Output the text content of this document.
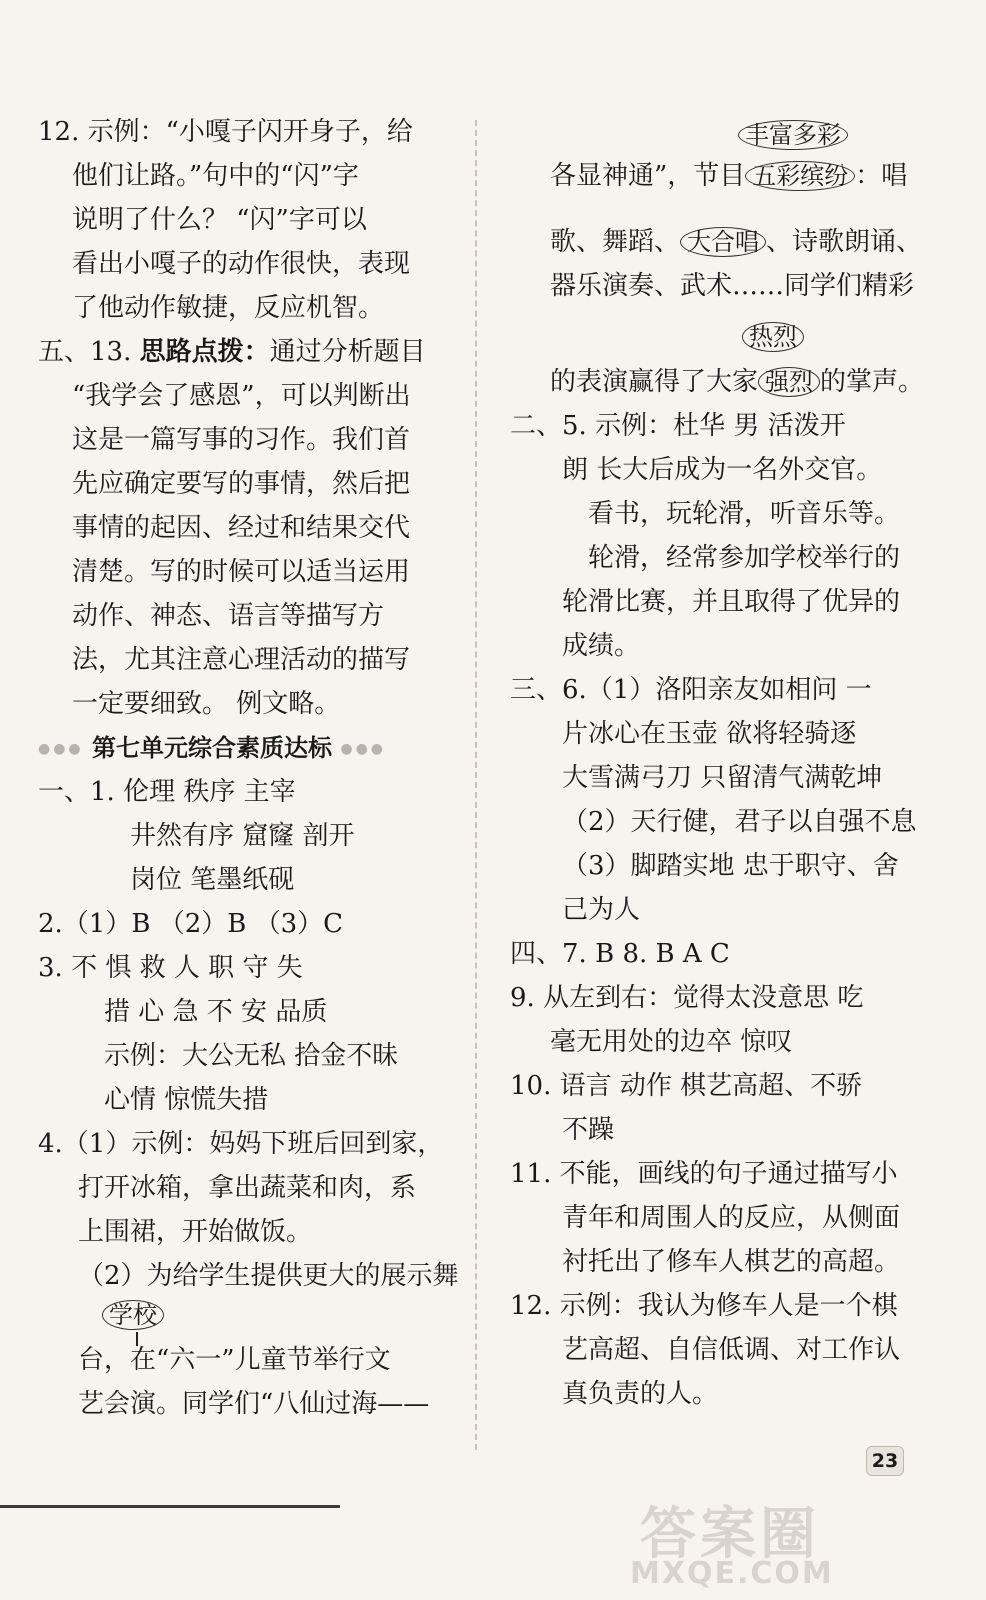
12. 示例：“小嘎子闪开身子，给
他们让路。”句中的“闪”字
说明了什么？ “闪”字可以
看出小嘎子的动作很快，表现
了他动作敏捷，反应机智。
五、13. 思路点拨：通过分析题目
“我学会了感恩”，可以判断出
这是一篇写事的习作。我们首
先应确定要写的事情，然后把
事情的起因、经过和结果交代
清楚。写的时候可以适当运用
动作、神态、语言等描写方
法，尤其注意心理活动的描写
一定要细致。 例文略。
●●● 第七单元综合素质达标 ●●●
一、1. 伦理 秩序 主宰
井然有序 窟窿 剖开
岗位 笔墨纸砚
2.（1）B （2）B （3）C
3. 不 惧 救 人 职 守 失
措 心 急 不 安 品质
示例：大公无私 拾金不昧
心情 惊慌失措
4.（1）示例：妈妈下班后回到家，
打开冰箱，拿出蔬菜和肉，系
上围裙，开始做饭。
（2）为给学生提供更大的展示舞
学校
台，在“六一”儿童节举行文
艺会演。同学们“八仙过海——
丰富多彩
各显神通”，节目 五彩缤纷 ：唱
歌、舞蹈、 大合唱 、诗歌朗诵、
器乐演奏、武术……同学们精彩
热烈
的表演赢得了大家 强烈 的掌声。
二、5. 示例：杜华 男 活泼开
朗 长大后成为一名外交官。
看书，玩轮滑，听音乐等。
轮滑，经常参加学校举行的
轮滑比赛，并且取得了优异的
成绩。
三、6.（1）洛阳亲友如相问 一
片冰心在玉壶 欲将轻骑逐
大雪满弓刀 只留清气满乾坤
（2）天行健，君子以自强不息
（3）脚踏实地 忠于职守、舍
己为人
四、7. B 8. B A C
9. 从左到右：觉得太没意思 吃
毫无用处的边卒 惊叹
10. 语言 动作 棋艺高超、不骄
不躁
11. 不能，画线的句子通过描写小
青年和周围人的反应，从侧面
衬托出了修车人棋艺的高超。
12. 示例：我认为修车人是一个棋
艺高超、自信低调、对工作认
真负责的人。
23
答案圈
MXQE.COM
